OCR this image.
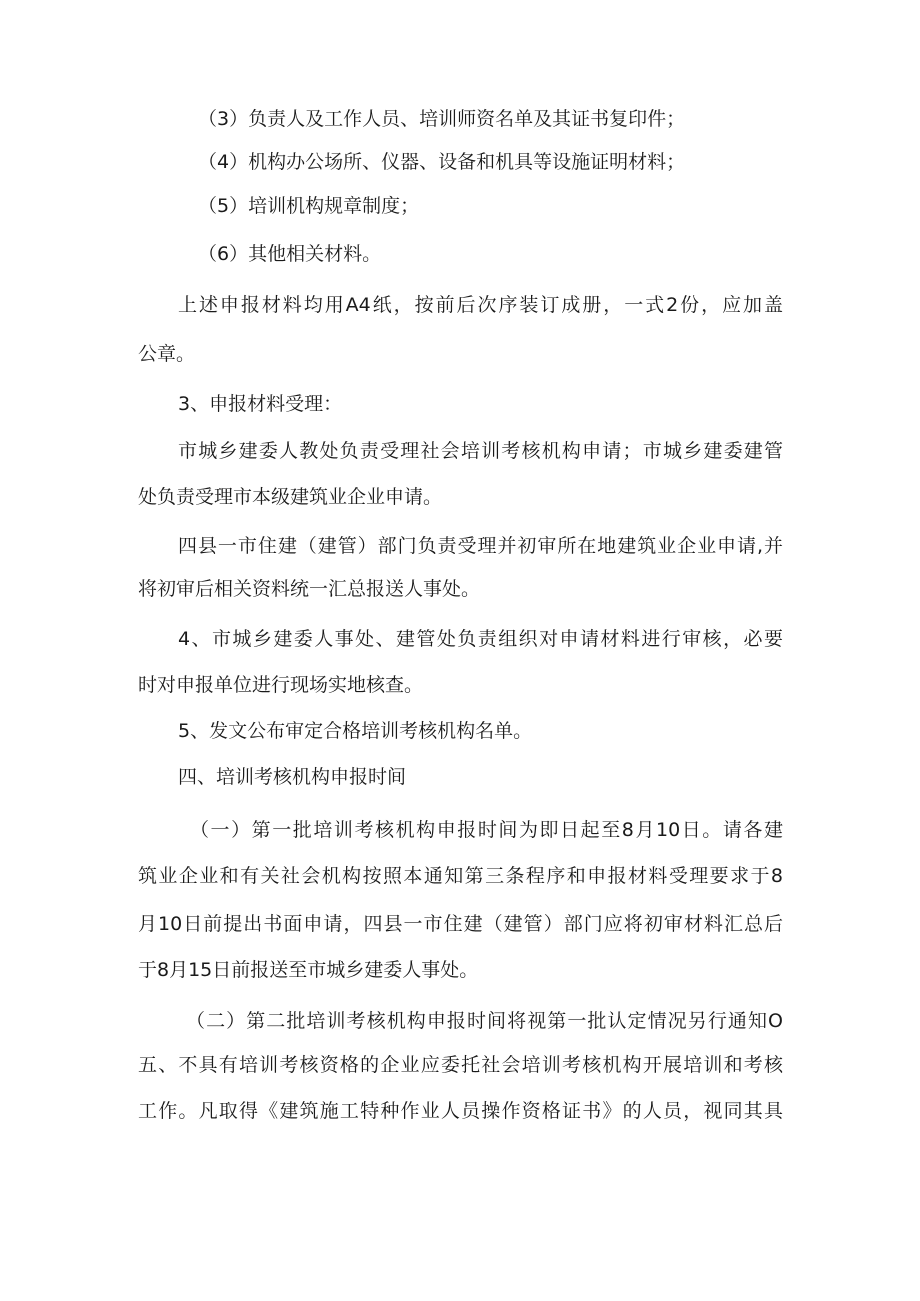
（3）负责人及工作人员、培训师资名单及其证书复印件；
（4）机构办公场所、仪器、设备和机具等设施证明材料；
（5）培训机构规章制度；
（6）其他相关材料。
上述申报材料均用A4纸，按前后次序装订成册，一式2份，应加盖
公章。
3、申报材料受理：
市城乡建委人教处负责受理社会培训考核机构申请；市城乡建委建管
处负责受理市本级建筑业企业申请。
四县一市住建（建管）部门负责受理并初审所在地建筑业企业申请,并
将初审后相关资料统一汇总报送人事处。
4、市城乡建委人事处、建管处负责组织对申请材料进行审核，必要
时对申报单位进行现场实地核查。
5、发文公布审定合格培训考核机构名单。
四、培训考核机构申报时间
（一）第一批培训考核机构申报时间为即日起至8月10日。请各建
筑业企业和有关社会机构按照本通知第三条程序和申报材料受理要求于8
月10日前提出书面申请，四县一市住建（建管）部门应将初审材料汇总后
于8月15日前报送至市城乡建委人事处。
（二）第二批培训考核机构申报时间将视第一批认定情况另行通知O
五、不具有培训考核资格的企业应委托社会培训考核机构开展培训和考核
工作。凡取得《建筑施工特种作业人员操作资格证书》的人员，视同其具
